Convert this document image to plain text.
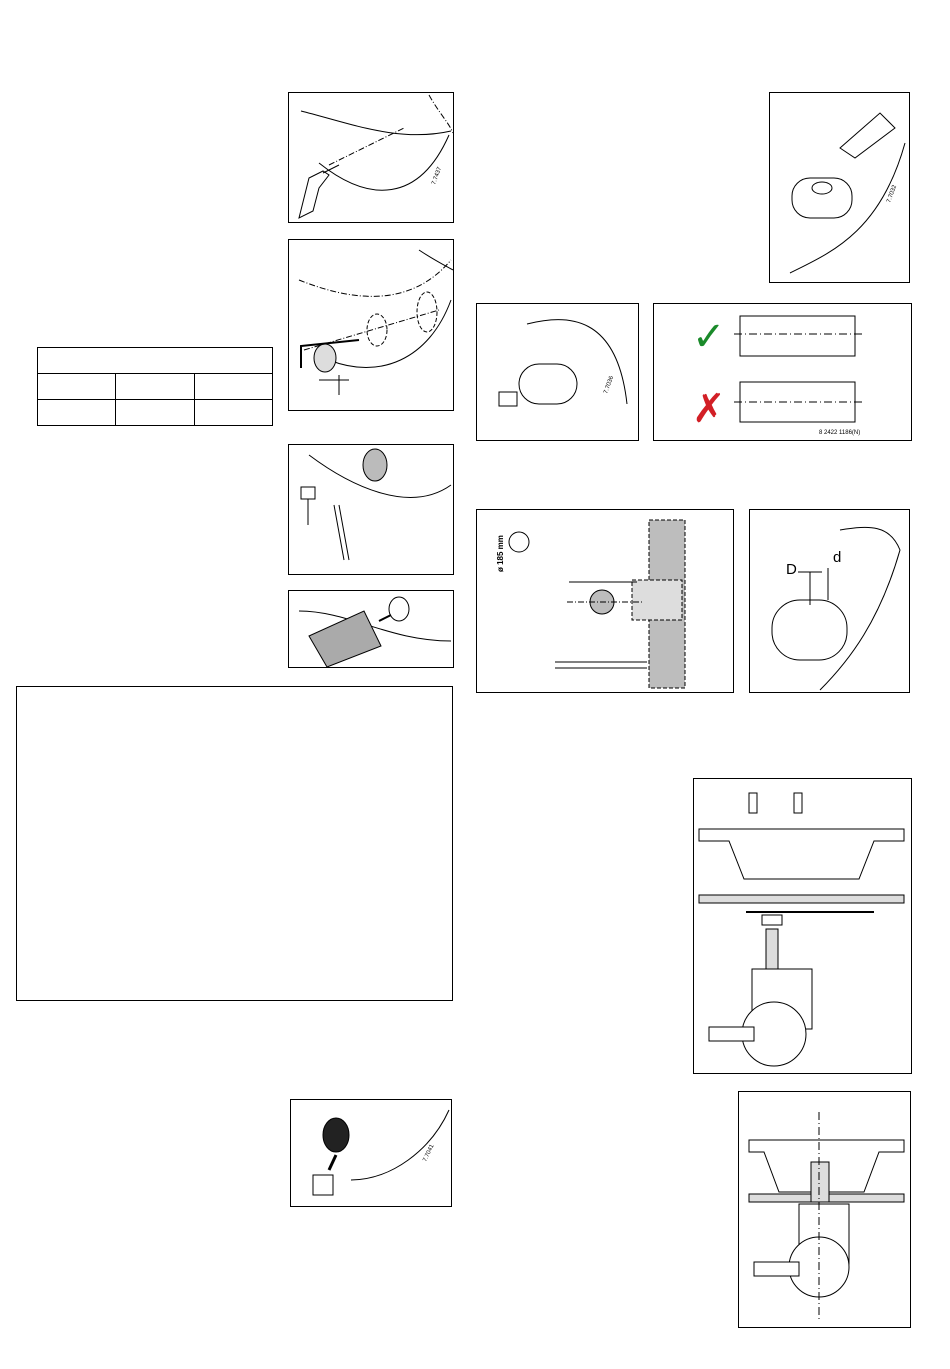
7.7437

7.7041
7.7032
7.7036
✓
✗
8 2422 1186(N)
ø 185 mm	D
d
